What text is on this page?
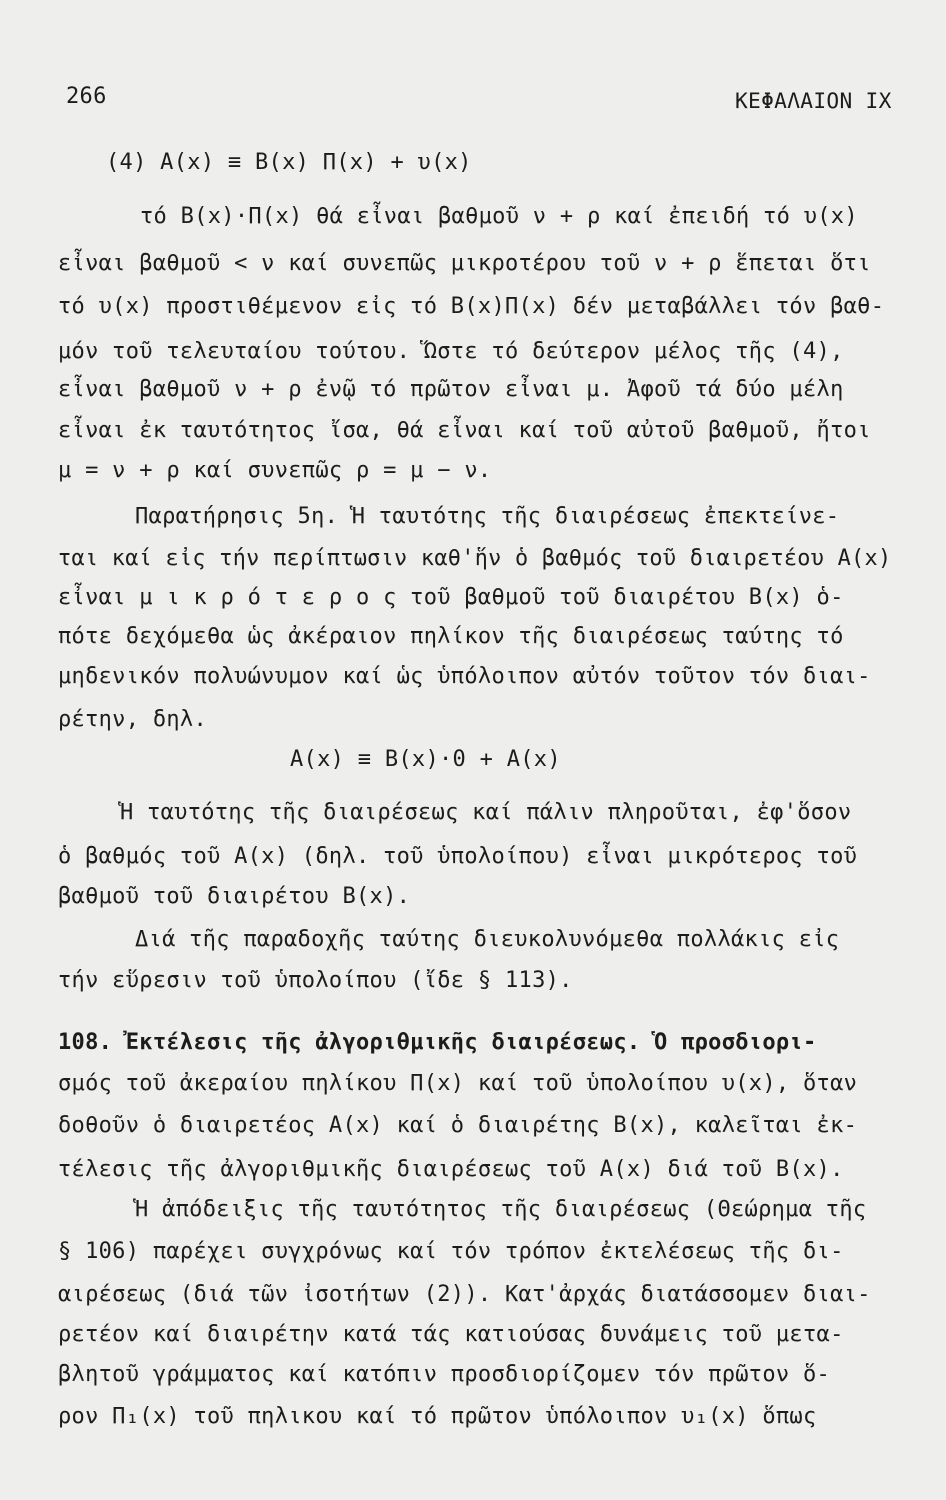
266	ΚΕΦΑΛΑΙΟΝ IX
(4) A(x) ≡ B(x) Π(x) + υ(x)
τό B(x)·Π(x) θά εἶναι βαθμοῦ ν + ρ καί ἐπειδή τό υ(x)
εἶναι βαθμοῦ < ν καί συνεπῶς μικροτέρου τοῦ ν + ρ ἕπεται ὅτι
τό υ(x) προστιθέμενον εἰς τό B(x)Π(x) δέν μεταβάλλει τόν βαθ-
μόν τοῦ τελευταίου τούτου. Ὥστε τό δεύτερον μέλος τῆς (4),
εἶναι βαθμοῦ ν + ρ ἐνῷ τό πρῶτον εἶναι μ. Ἀφοῦ τά δύο μέλη
εἶναι ἐκ ταυτότητος ἴσα, θά εἶναι καί τοῦ αὐτοῦ βαθμοῦ, ἤτοι
μ = ν + ρ καί συνεπῶς ρ = μ − ν.
Παρατήρησις 5η. Ἡ ταυτότης τῆς διαιρέσεως ἐπεκτείνε-
ται καί εἰς τήν περίπτωσιν καθ'ἥν ὁ βαθμός τοῦ διαιρετέου A(x)
εἶναι μ ι κ ρ ό τ ε ρ ο ς τοῦ βαθμοῦ τοῦ διαιρέτου B(x) ὁ-
πότε δεχόμεθα ὡς ἀκέραιον πηλίκον τῆς διαιρέσεως ταύτης τό
μηδενικόν πολυώνυμον καί ὡς ὑπόλοιπον αὐτόν τοῦτον τόν διαι-
ρέτην, δηλ.
A(x) ≡ B(x)·0 + A(x)
Ἡ ταυτότης τῆς διαιρέσεως καί πάλιν πληροῦται, ἐφ'ὅσον
ὁ βαθμός τοῦ A(x) (δηλ. τοῦ ὑπολοίπου) εἶναι μικρότερος τοῦ
βαθμοῦ τοῦ διαιρέτου B(x).
Διά τῆς παραδοχῆς ταύτης διευκολυνόμεθα πολλάκις εἰς
τήν εὕρεσιν τοῦ ὑπολοίπου (ἴδε § 113).
108. Ἐκτέλεσις τῆς ἀλγοριθμικῆς διαιρέσεως. Ὁ προσδιορι-
σμός τοῦ ἀκεραίου πηλίκου Π(x) καί τοῦ ὑπολοίπου υ(x), ὅταν
δοθοῦν ὁ διαιρετέος A(x) καί ὁ διαιρέτης B(x), καλεῖται ἐκ-
τέλεσις τῆς ἀλγοριθμικῆς διαιρέσεως τοῦ A(x) διά τοῦ B(x).
Ἡ ἀπόδειξις τῆς ταυτότητος τῆς διαιρέσεως (Θεώρημα τῆς
§ 106) παρέχει συγχρόνως καί τόν τρόπον ἐκτελέσεως τῆς δι-
αιρέσεως (διά τῶν ἰσοτήτων (2)). Κατ'ἀρχάς διατάσσομεν διαι-
ρετέον καί διαιρέτην κατά τάς κατιούσας δυνάμεις τοῦ μετα-
βλητοῦ γράμματος καί κατόπιν προσδιορίζομεν τόν πρῶτον ὅ-
ρον Π₁(x) τοῦ πηλικου καί τό πρῶτον ὑπόλοιπον υ₁(x) ὅπως
